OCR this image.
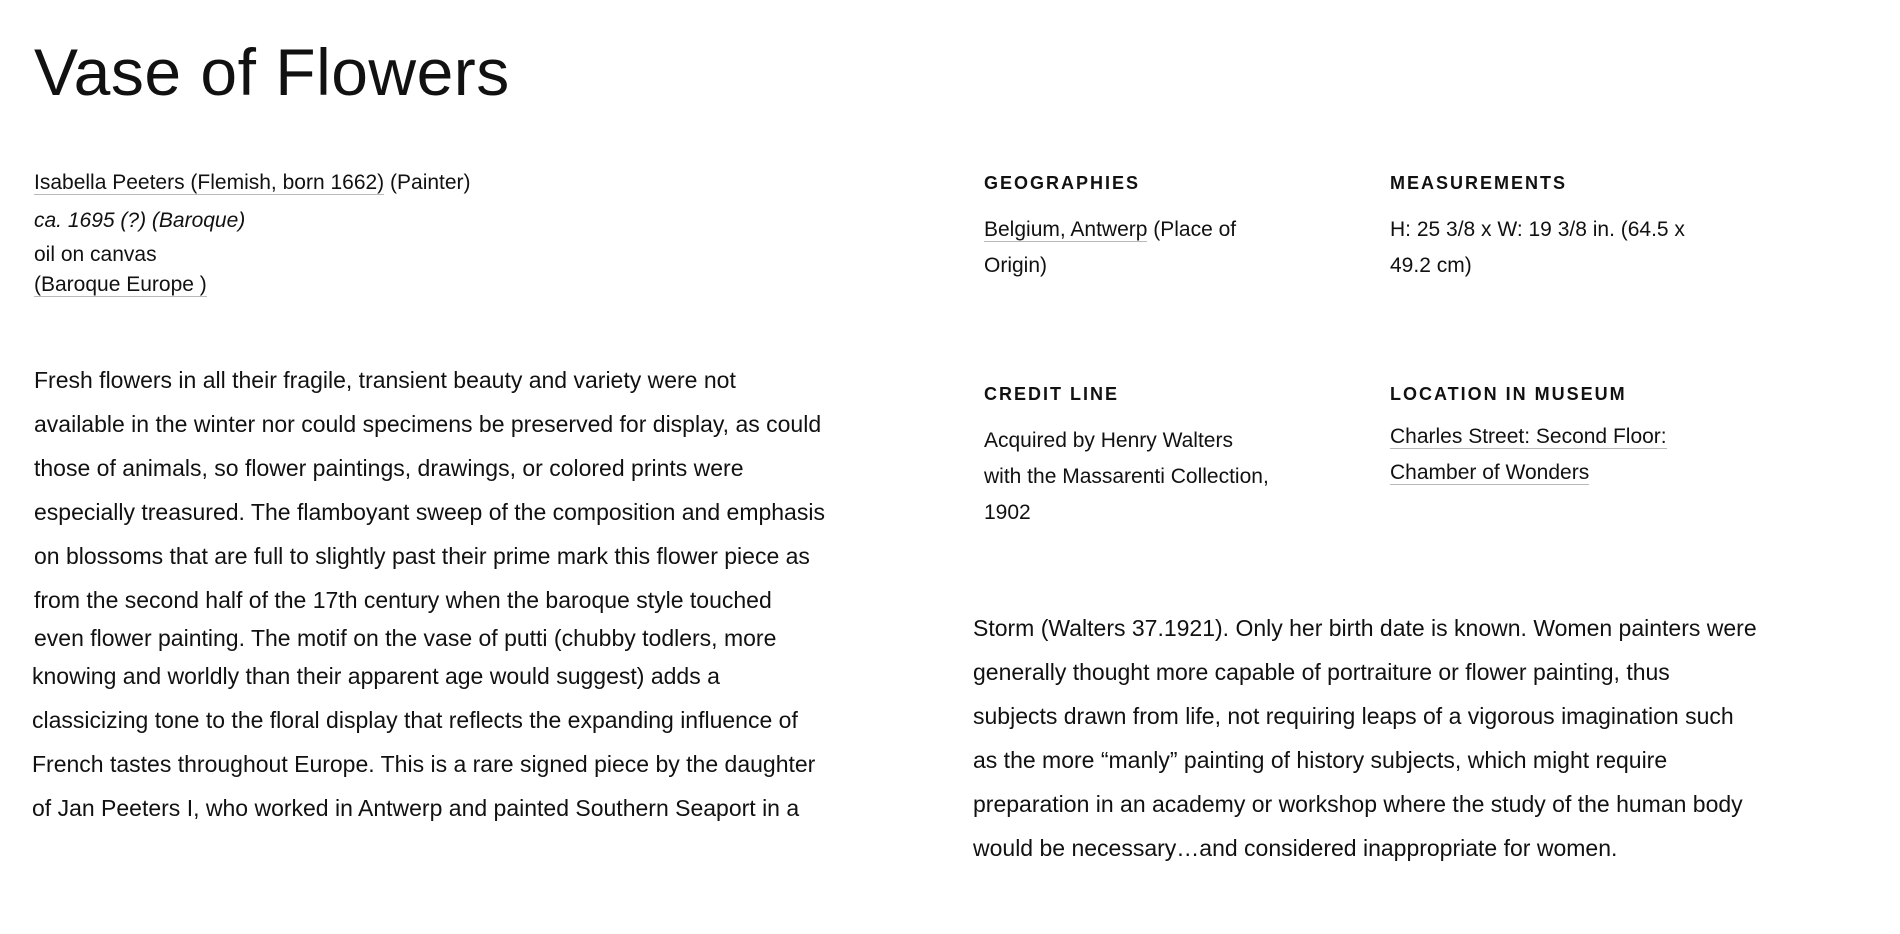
Vase of Flowers
Isabella Peeters (Flemish, born 1662) (Painter)
ca. 1695 (?) (Baroque)
oil on canvas
(Baroque Europe )
Fresh flowers in all their fragile, transient beauty and variety were not
available in the winter nor could specimens be preserved for display, as could
those of animals, so flower paintings, drawings, or colored prints were
especially treasured. The flamboyant sweep of the composition and emphasis
on blossoms that are full to slightly past their prime mark this flower piece as
from the second half of the 17th century when the baroque style touched
even flower painting. The motif on the vase of putti (chubby todlers, more
knowing and worldly than their apparent age would suggest) adds a
classicizing tone to the floral display that reflects the expanding influence of
French tastes throughout Europe. This is a rare signed piece by the daughter
of Jan Peeters I, who worked in Antwerp and painted Southern Seaport in a
GEOGRAPHIES
Belgium, Antwerp (Place of
Origin)
MEASUREMENTS
H: 25 3/8 x W: 19 3/8 in. (64.5 x
49.2 cm)
CREDIT LINE
Acquired by Henry Walters
with the Massarenti Collection,
1902
LOCATION IN MUSEUM
Charles Street: Second Floor:
Chamber of Wonders
Storm (Walters 37.1921). Only her birth date is known. Women painters were
generally thought more capable of portraiture or flower painting, thus
subjects drawn from life, not requiring leaps of a vigorous imagination such
as the more “manly” painting of history subjects, which might require
preparation in an academy or workshop where the study of the human body
would be necessary…and considered inappropriate for women.
